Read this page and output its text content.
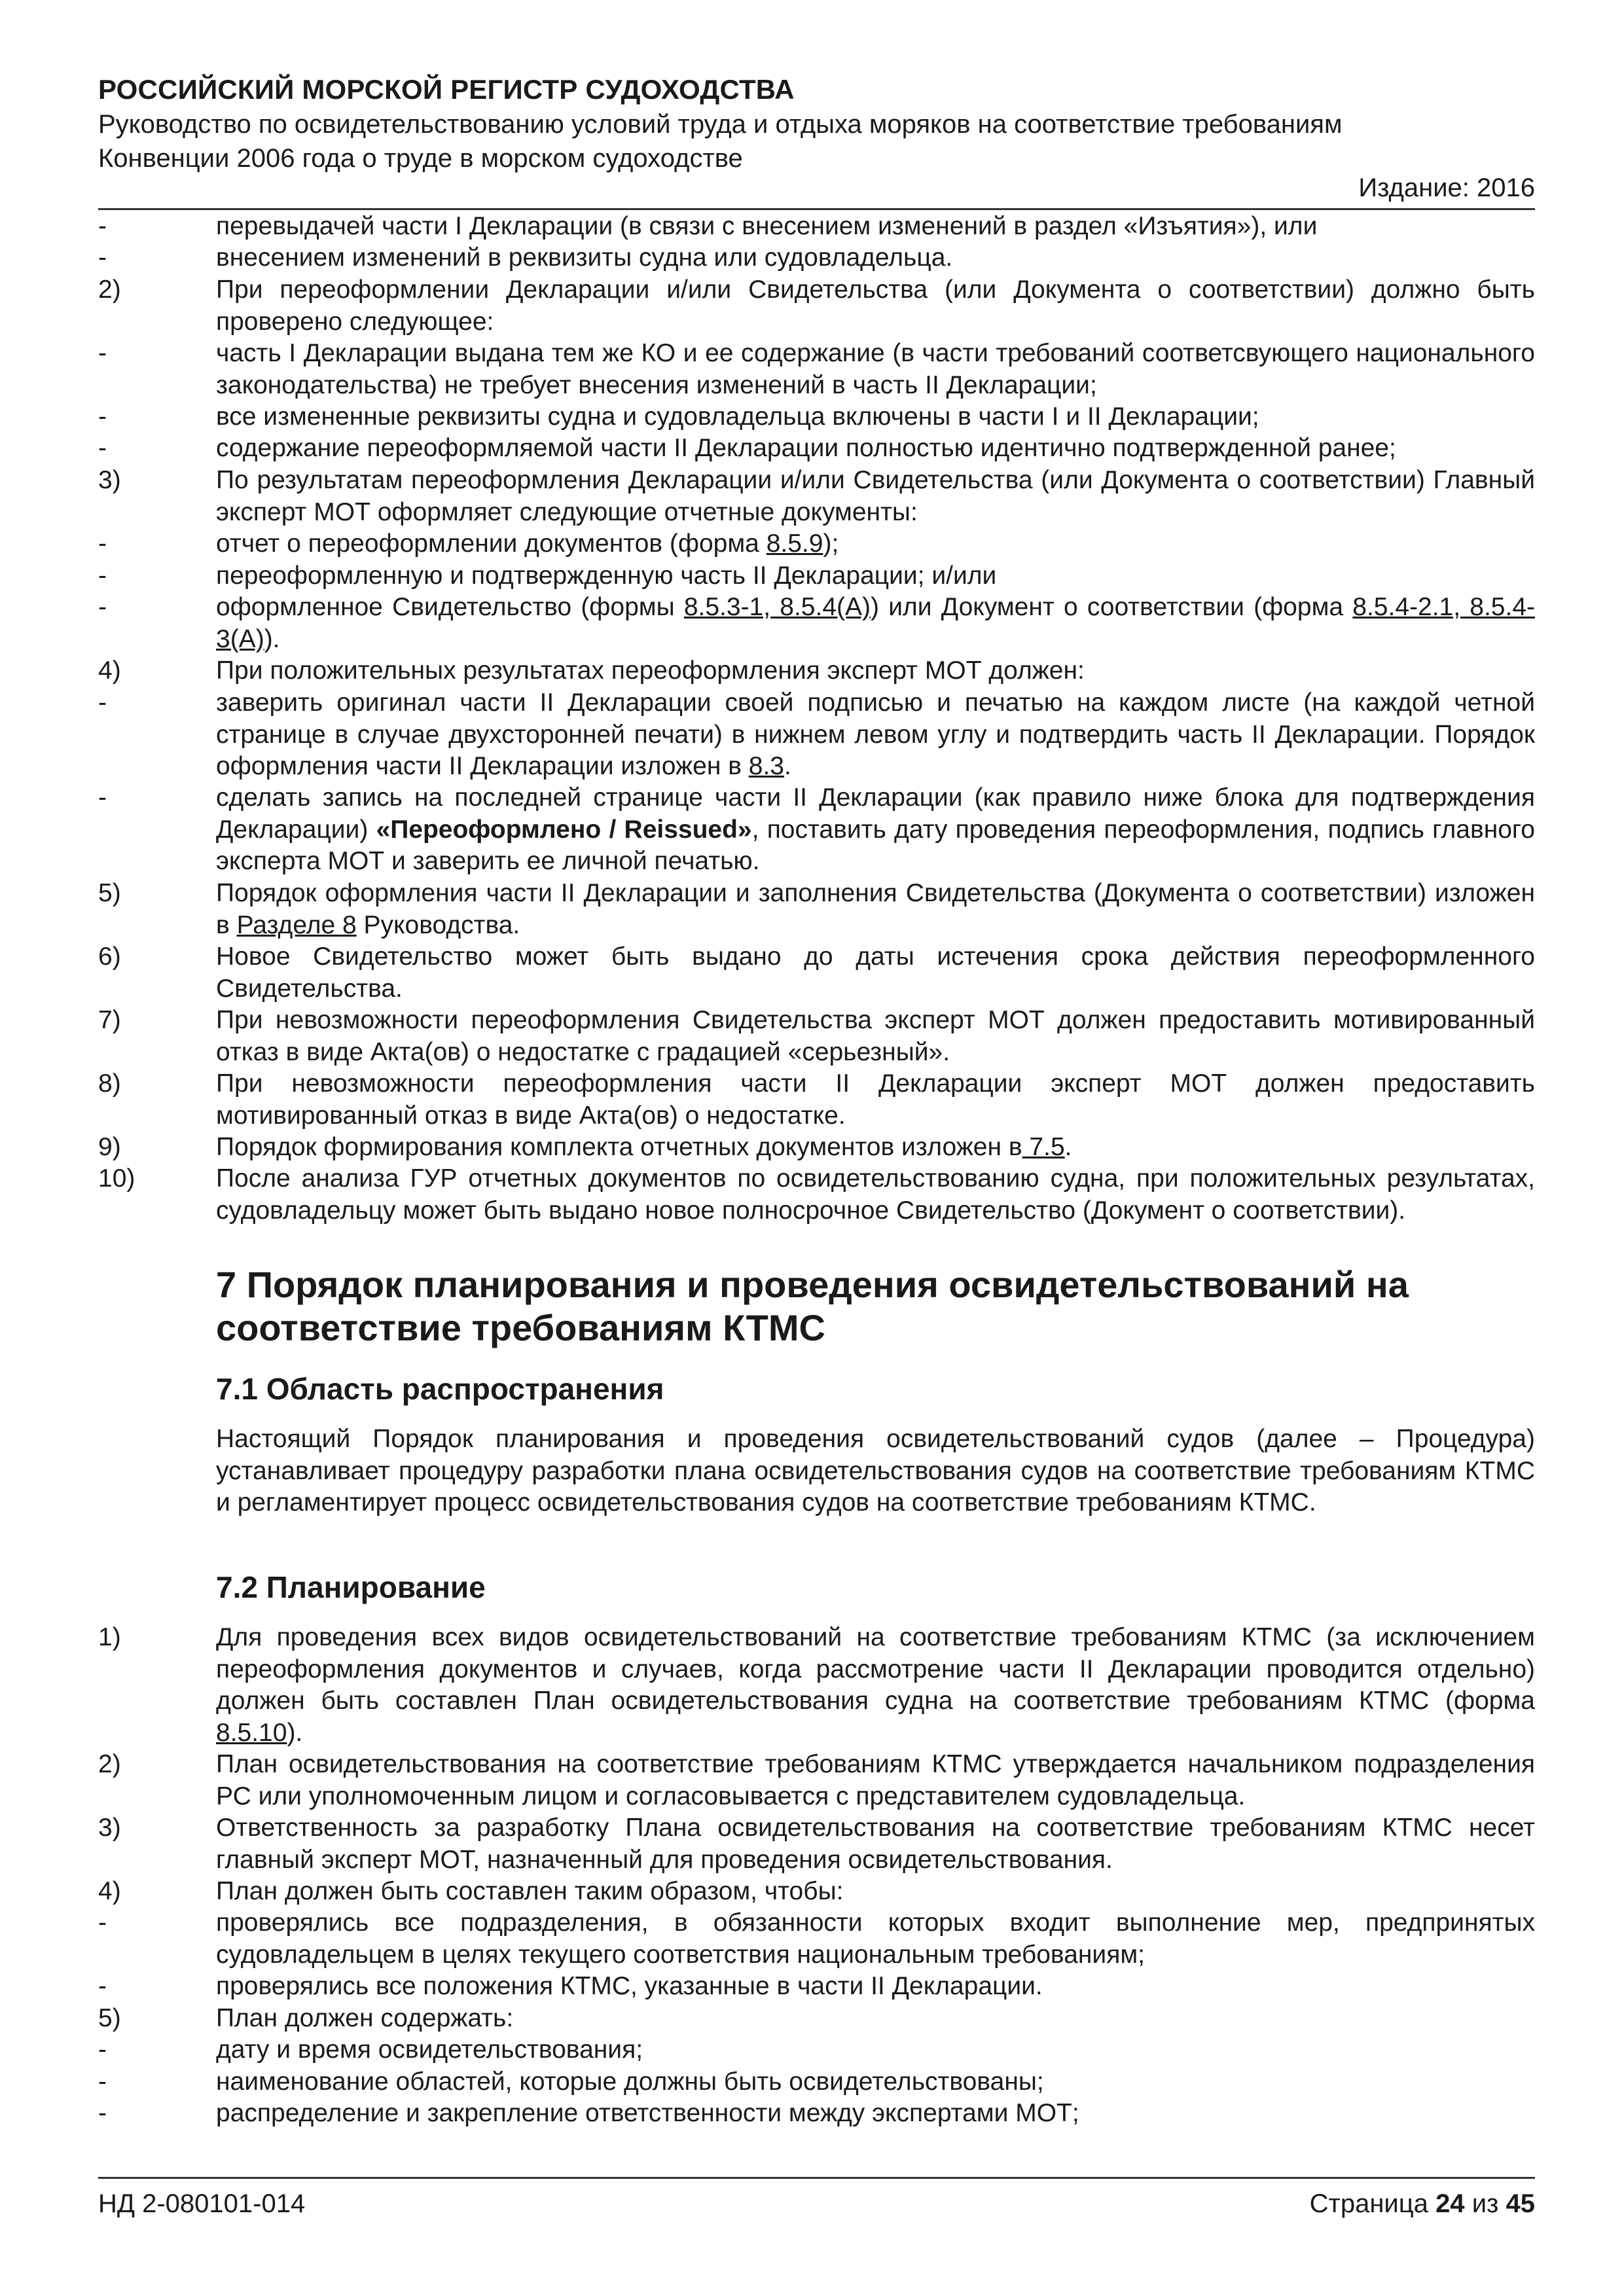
РОССИЙСКИЙ МОРСКОЙ РЕГИСТР СУДОХОДСТВА
Руководство по освидетельствованию условий труда и отдыха моряков на соответствие требованиям
Конвенции 2006 года о труде в морском судоходстве
Издание: 2016
-	перевыдачей части I Декларации (в связи с внесением изменений в раздел «Изъятия»), или
-	внесением изменений в реквизиты судна или судовладельца.
2)	При переоформлении Декларации и/или Свидетельства (или Документа о соответствии) должно быть проверено следующее:
-	часть I Декларации выдана тем же КО и ее содержание (в части требований соответсвующего национального законодательства) не требует внесения изменений в часть II Декларации;
-	все измененные реквизиты судна и судовладельца включены в части I и II Декларации;
-	содержание переоформляемой части II Декларации полностью идентично подтвержденной ранее;
3)	По результатам переоформления Декларации и/или Свидетельства (или Документа о соответствии) Главный эксперт МОТ оформляет следующие отчетные документы:
-	отчет о переоформлении документов (форма 8.5.9);
-	переоформленную и подтвержденную часть II Декларации; и/или
-	оформленное Свидетельство (формы 8.5.3-1, 8.5.4(А)) или Документ о соответствии (форма 8.5.4-2.1, 8.5.4-3(А)).
4)	При положительных результатах переоформления эксперт МОТ должен:
-	заверить оригинал части II Декларации своей подписью и печатью на каждом листе (на каждой четной странице в случае двухсторонней печати) в нижнем левом углу и подтвердить часть II Декларации. Порядок оформления части II Декларации изложен в 8.3.
-	сделать запись на последней странице части II Декларации (как правило ниже блока для подтверждения Декларации) «Переоформлено / Reissued», поставить дату проведения переоформления, подпись главного эксперта МОТ и заверить ее личной печатью.
5)	Порядок оформления части II Декларации и заполнения Свидетельства (Документа о соответствии) изложен в Разделе 8 Руководства.
6)	Новое Свидетельство может быть выдано до даты истечения срока действия переоформленного Свидетельства.
7)	При невозможности переоформления Свидетельства эксперт МОТ должен предоставить мотивированный отказ в виде Акта(ов) о недостатке с градацией «серьезный».
8)	При невозможности переоформления части II Декларации эксперт МОТ должен предоставить мотивированный отказ в виде Акта(ов) о недостатке.
9)	Порядок формирования комплекта отчетных документов изложен в 7.5.
10)	После анализа ГУР отчетных документов по освидетельствованию судна, при положительных результатах, судовладельцу может быть выдано новое полносрочное Свидетельство (Документ о соответствии).
7 Порядок планирования и проведения освидетельствований на
соответствие требованиям КТМС
7.1 Область распространения
Настоящий Порядок планирования и проведения освидетельствований судов (далее – Процедура) устанавливает процедуру разработки плана освидетельствования судов на соответствие требованиям КТМС и регламентирует процесс освидетельствования судов на соответствие требованиям КТМС.
7.2 Планирование
1)	Для проведения всех видов освидетельствований на соответствие требованиям КТМС (за исключением переоформления документов и случаев, когда рассмотрение части II Декларации проводится отдельно) должен быть составлен План освидетельствования судна на соответствие требованиям КТМС (форма 8.5.10).
2)	План освидетельствования на соответствие требованиям КТМС утверждается начальником подразделения РС или уполномоченным лицом и согласовывается с представителем судовладельца.
3)	Ответственность за разработку Плана освидетельствования на соответствие требованиям КТМС несет главный эксперт МОТ, назначенный для проведения освидетельствования.
4)	План должен быть составлен таким образом, чтобы:
-	проверялись все подразделения, в обязанности которых входит выполнение мер, предпринятых судовладельцем в целях текущего соответствия национальным требованиям;
-	проверялись все положения КТМС, указанные в части II Декларации.
5)	План должен содержать:
-	дату и время освидетельствования;
-	наименование областей, которые должны быть освидетельствованы;
-	распределение и закрепление ответственности между экспертами МОТ;
НД 2-080101-014	Страница 24 из 45
